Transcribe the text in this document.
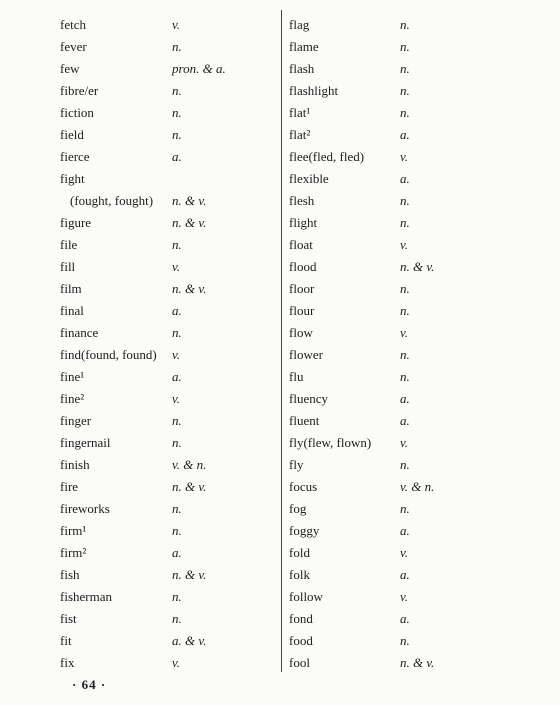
fetch	v.
fever	n.
few	pron. & a.
fibre/er	n.
fiction	n.
field	n.
fierce	a.
fight
(fought, fought) n. & v.
figure	n. & v.
file	n.
fill	v.
film	n. & v.
final	a.
finance	n.
find(found, found) v.
fine¹	a.
fine²	v.
finger	n.
fingernail	n.
finish	v. & n.
fire	n. & v.
fireworks	n.
firm¹	n.
firm²	a.
fish	n. & v.
fisherman	n.
fist	n.
fit	a. & v.
fix	v.
flag	n.
flame	n.
flash	n.
flashlight	n.
flat¹	n.
flat²	a.
flee(fled, fled)	v.
flexible	a.
flesh	n.
flight	n.
float	v.
flood	n. & v.
floor	n.
flour	n.
flow	v.
flower	n.
flu	n.
fluency	a.
fluent	a.
fly(flew, flown) v.
fly	n.
focus	v. & n.
fog	n.
foggy	a.
fold	v.
folk	a.
follow	v.
fond	a.
food	n.
fool	n. & v.
· 64 ·
